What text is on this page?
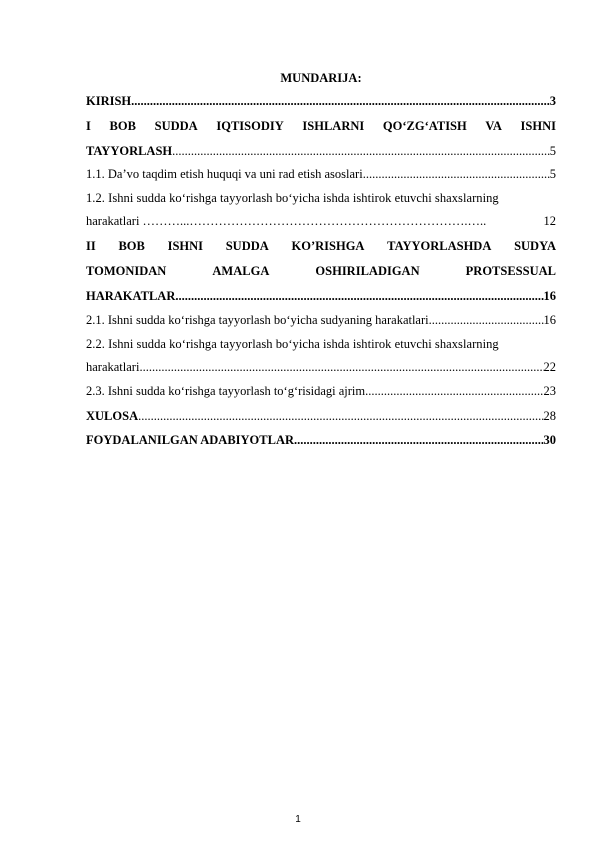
MUNDARIJA:
KIRISH .....	3
I BOB SUDDA IQTISODIY ISHLARNI QO‘ZG‘ATISH VA ISHNI
TAYYORLASH .....	5
1.1. Da’vo taqdim etish huquqi va uni rad etish asoslari .....	5
1.2. Ishni sudda ko‘rishga tayyorlash bo‘yicha ishda ishtirok etuvchi shaxslarning
harakatlari ………...………………………………………………………….…..	12
II BOB ISHNI SUDDA KO’RISHGA TAYYORLASHDA SUDYA
TOMONIDAN	AMALGA	OSHIRILADIGAN	PROTSESSUAL
HARAKATLAR .....	16
2.1. Ishni sudda ko‘rishga tayyorlash bo‘yicha sudyaning harakatlari .....	16
2.2. Ishni sudda ko‘rishga tayyorlash bo‘yicha ishda ishtirok etuvchi shaxslarning
harakatlari .....	22
2.3. Ishni sudda ko‘rishga tayyorlash to‘g‘risidagi ajrim .....	23
XULOSA .....	28
FOYDALANILGAN ADABIYOTLAR .....	30
1
